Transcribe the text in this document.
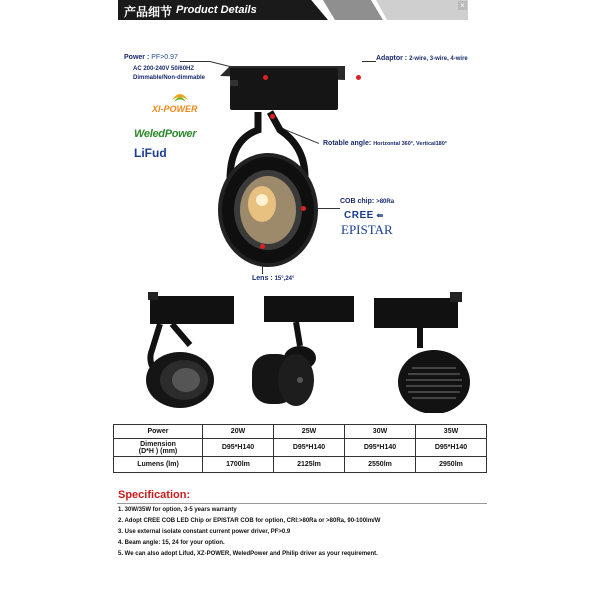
产品细节 Product Details	×
Power : PF>0.97
AC 200-240V 50/60HZ
Dimmable/Non-dimmable
XI-POWER
WeledPower
LiFud
Adaptor : 2-wire, 3-wire, 4-wire
Rotable angle: Horizontal 360°, Vertical180°
COB chip: >80Ra
CREE ⇚
EPISTAR
Lens : 15°,24°
Power	20W	25W	30W	35W
Dimension
(D*H ) (mm)	D95*H140	D95*H140	D95*H140	D95*H140
Lumens (lm)	1700lm	2125lm	2550lm	2950lm
Specification:
1. 30W/35W for option, 3-5 years warranty
2. Adopt CREE COB LED Chip or EPISTAR COB for option, CRI:>80Ra or >80Ra, 90-100lm/W
3. Use external isolate constant current power driver, PF>0.9
4. Beam angle: 15, 24 for your option.
5. We can also adopt Lifud, XZ-POWER, WeledPower and Philip driver as your requirement.
